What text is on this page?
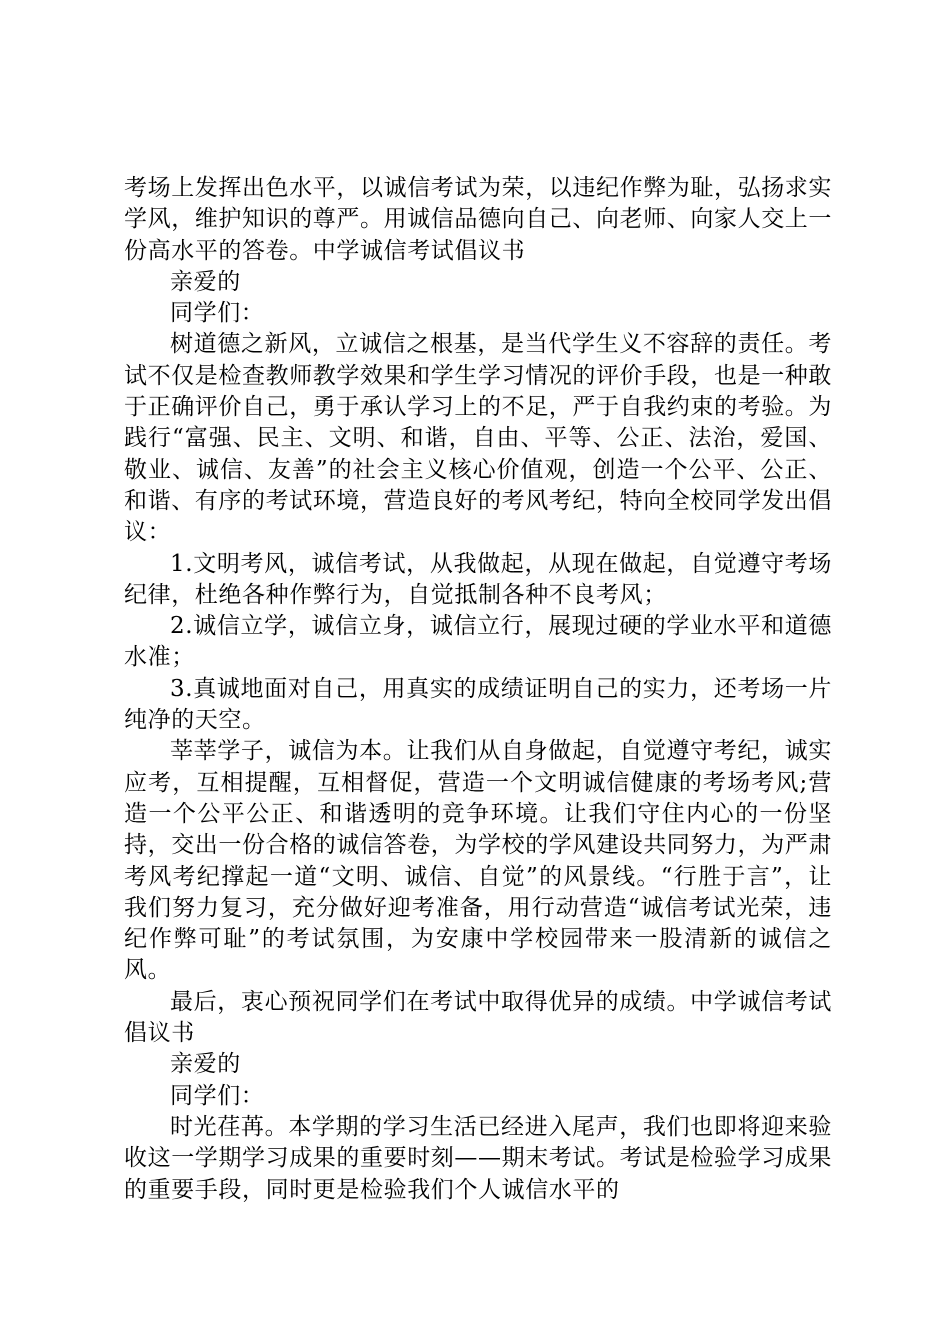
考场上发挥出色水平，以诚信考试为荣，以违纪作弊为耻，弘扬求实学风，维护知识的尊严。用诚信品德向自己、向老师、向家人交上一份高水平的答卷。中学诚信考试倡议书

亲爱的

同学们：

树道德之新风，立诚信之根基，是当代学生义不容辞的责任。考试不仅是检查教师教学效果和学生学习情况的评价手段，也是一种敢于正确评价自己，勇于承认学习上的不足，严于自我约束的考验。为践行“富强、民主、文明、和谐，自由、平等、公正、法治，爱国、敬业、诚信、友善”的社会主义核心价值观，创造一个公平、公正、和谐、有序的考试环境，营造良好的考风考纪，特向全校同学发出倡议：

1.文明考风，诚信考试，从我做起，从现在做起，自觉遵守考场纪律，杜绝各种作弊行为，自觉抵制各种不良考风；

2.诚信立学，诚信立身，诚信立行，展现过硬的学业水平和道德水准；

3.真诚地面对自己，用真实的成绩证明自己的实力，还考场一片纯净的天空。

莘莘学子，诚信为本。让我们从自身做起，自觉遵守考纪，诚实应考，互相提醒，互相督促，营造一个文明诚信健康的考场考风;营造一个公平公正、和谐透明的竞争环境。让我们守住内心的一份坚持，交出一份合格的诚信答卷，为学校的学风建设共同努力，为严肃考风考纪撑起一道“文明、诚信、自觉”的风景线。“行胜于言”，让我们努力复习，充分做好迎考准备，用行动营造“诚信考试光荣，违纪作弊可耻”的考试氛围，为安康中学校园带来一股清新的诚信之风。

最后，衷心预祝同学们在考试中取得优异的成绩。中学诚信考试倡议书

亲爱的

同学们：

时光荏苒。本学期的学习生活已经进入尾声，我们也即将迎来验收这一学期学习成果的重要时刻——期末考试。考试是检验学习成果的重要手段，同时更是检验我们个人诚信水平的
